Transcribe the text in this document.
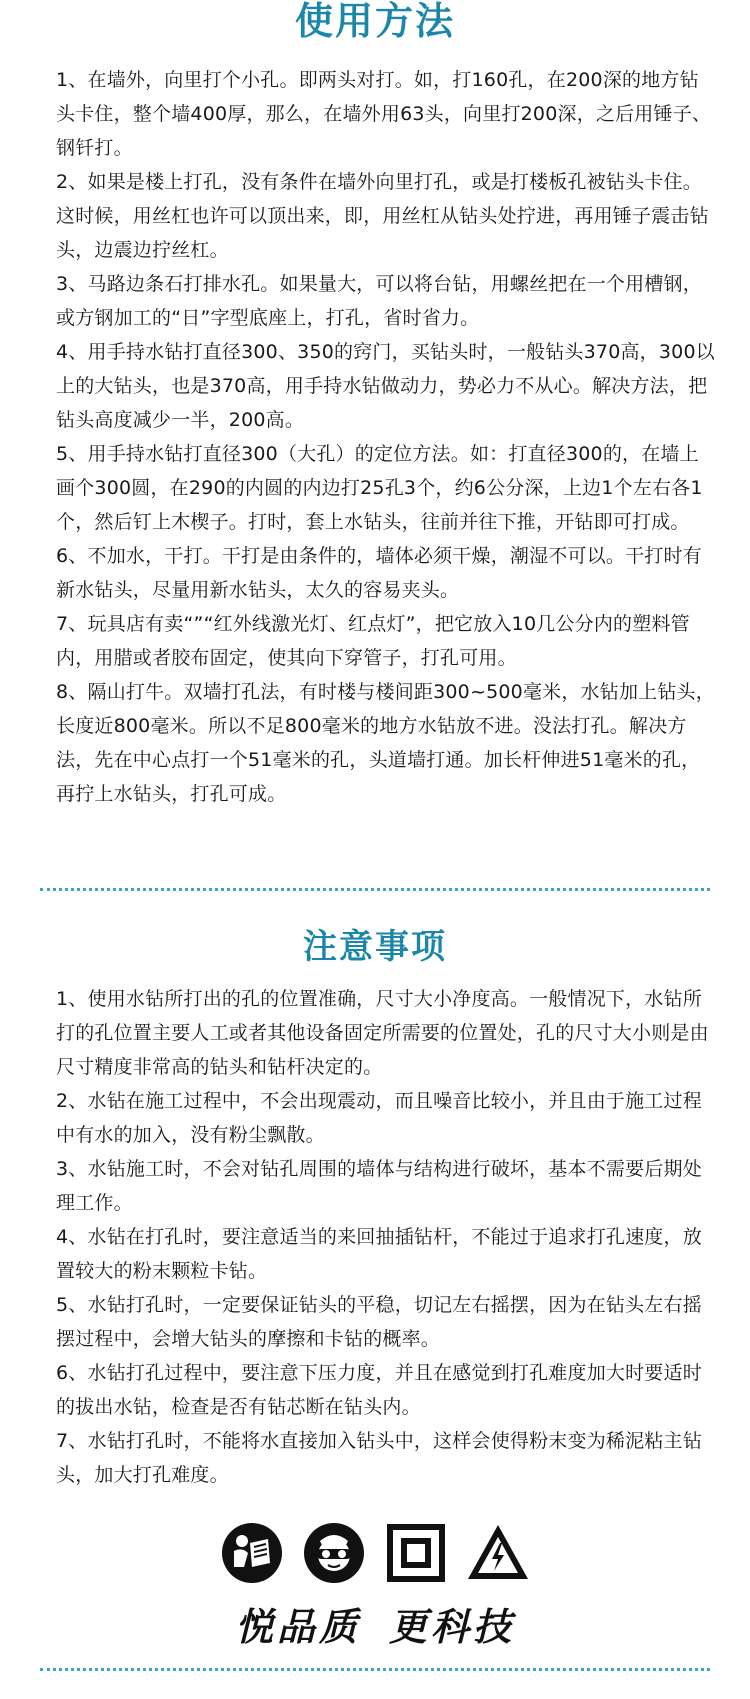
使用方法

1、在墙外，向里打个小孔。即两头对打。如，打160孔，在200深的地方钻头卡住，整个墙400厚，那么，在墙外用63头，向里打200深，之后用锤子、钢钎打。

2、如果是楼上打孔，没有条件在墙外向里打孔，或是打楼板孔被钻头卡住。这时候，用丝杠也许可以顶出来，即，用丝杠从钻头处拧进，再用锤子震击钻头，边震边拧丝杠。

3、马路边条石打排水孔。如果量大，可以将台钻，用螺丝把在一个用槽钢，或方钢加工的“日”字型底座上，打孔，省时省力。

4、用手持水钻打直径300、350的窍门，买钻头时，一般钻头370高，300以上的大钻头，也是370高，用手持水钻做动力，势必力不从心。解决方法，把钻头高度减少一半，200高。

5、用手持水钻打直径300（大孔）的定位方法。如：打直径300的，在墙上画个300圆，在290的内圆的内边打25孔3个，约6公分深，上边1个左右各1个，然后钉上木楔子。打时，套上水钻头，往前并往下推，开钻即可打成。

6、不加水，干打。干打是由条件的，墙体必须干燥，潮湿不可以。干打时有新水钻头，尽量用新水钻头，太久的容易夹头。

7、玩具店有卖“”“红外线激光灯、红点灯”，把它放入10几公分内的塑料管内，用腊或者胶布固定，使其向下穿管子，打孔可用。

8、隔山打牛。双墙打孔法，有时楼与楼间距300~500毫米，水钻加上钻头，长度近800毫米。所以不足800毫米的地方水钻放不进。没法打孔。解决方法，先在中心点打一个51毫米的孔，头道墙打通。加长杆伸进51毫米的孔，再拧上水钻头，打孔可成。

注意事项

1、使用水钻所打出的孔的位置准确，尺寸大小净度高。一般情况下，水钻所打的孔位置主要人工或者其他设备固定所需要的位置处，孔的尺寸大小则是由尺寸精度非常高的钻头和钻杆决定的。

2、水钻在施工过程中，不会出现震动，而且噪音比较小，并且由于施工过程中有水的加入，没有粉尘飘散。

3、水钻施工时，不会对钻孔周围的墙体与结构进行破坏，基本不需要后期处理工作。

4、水钻在打孔时，要注意适当的来回抽插钻杆，不能过于追求打孔速度，放置较大的粉末颗粒卡钻。

5、水钻打孔时，一定要保证钻头的平稳，切记左右摇摆，因为在钻头左右摇摆过程中，会增大钻头的摩擦和卡钻的概率。

6、水钻打孔过程中，要注意下压力度，并且在感觉到打孔难度加大时要适时的拔出水钻，检查是否有钻芯断在钻头内。

7、水钻打孔时，不能将水直接加入钻头中，这样会使得粉末变为稀泥粘主钻头，加大打孔难度。

悦品质 更科技
